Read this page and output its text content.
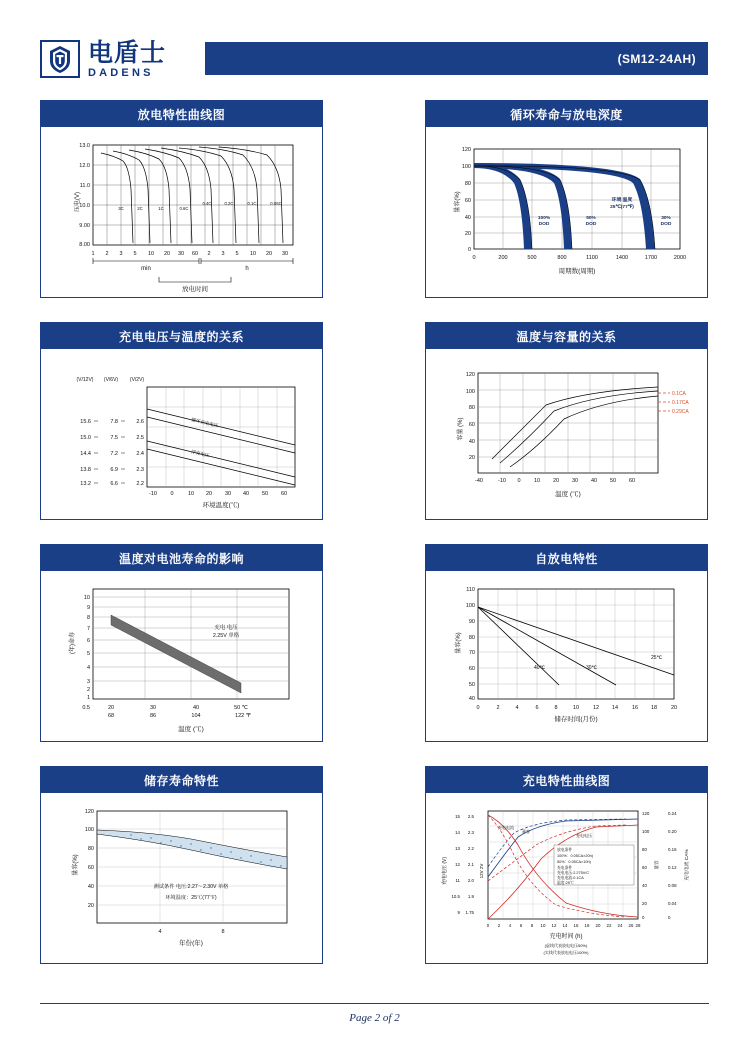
电盾士
DADENS
(SM12-24AH)
放电特性曲线图
压电(V)
13.0
12.0
11.0
10.0
9.00
8.00
1 2 3 5 10 20 30 60 2 3 5 10 20 30
min	h
放电时间
3C	2C	1C	0.6C
0.4C	0.2C	0.1C	0.05C
循环寿命与放电深度
量容(%)
120
100
80
60
40
20
0
0	200	500	800	1100	1400	1700	2000
周期数(周期)
100%
DOD
50%
DOD
30%
DOD
环境 温度
25℃(77℉)
充电电压与温度的关系
(V/12V) (V/6V) (V/2V)
15.6
15.0
14.4
13.8
13.2
7.8
7.5
7.2
6.9
6.6
2.6
2.5
2.4
2.3
2.2
-10 0	10 20 30 40 50 60
环境温度(℃)
循环充电电压
浮充电压
温度与容量的关系
容量 (%)
120
100
80
60
40
20
-40	-10 0 10 20 30 40 50 60
温度 (℃)
0.1CA
0.17CA
0.29CA
温度对电池寿命的影响
(年)命寿
10
9
8
7
6
5
4
3
2
1
0.5	20	30	40	50 ℃
68	86	104	122 ℉
温度 (℃)
充电 电压
2.25V 单格
自放电特性
量容(%)
110
100
90
80
70
60
50
40
0	2	4	6	8	10	12 14	16 18	20
储存时间(月份)
40℃	30℃
25℃
储存寿命特性
量容(%)
120
100
80
60
40
20
4	8
年份(年)
测试条件 电压:2.27～2.30V 单格
环境温度：25℃(77℉)
充电特性曲线图
15 2.5
14 2.3
13 2.2
12 2.1
11 2.0
10.5 1.9
9 1.75
充电电压 (V)	12V 2V
120	0.24
100	0.20
80	0.16
60	0.12
40	0.08
20	0.04
0	0
量容	充电电流 CA%
0 2 4 6 8 10 12 14 16 18 20 22 24 26 28
充电时间 (h)
(虚线代表放电电压50%)
(实线代表放电电压100%)
放电条件
100%：0.05CA×20h)
50%：0.05CA×10h)
充电条件
充电电压:2.275V/C
充电电流:0.1CA
温度:25℃
充电电压
量容
充电电流
Page 2 of 2
